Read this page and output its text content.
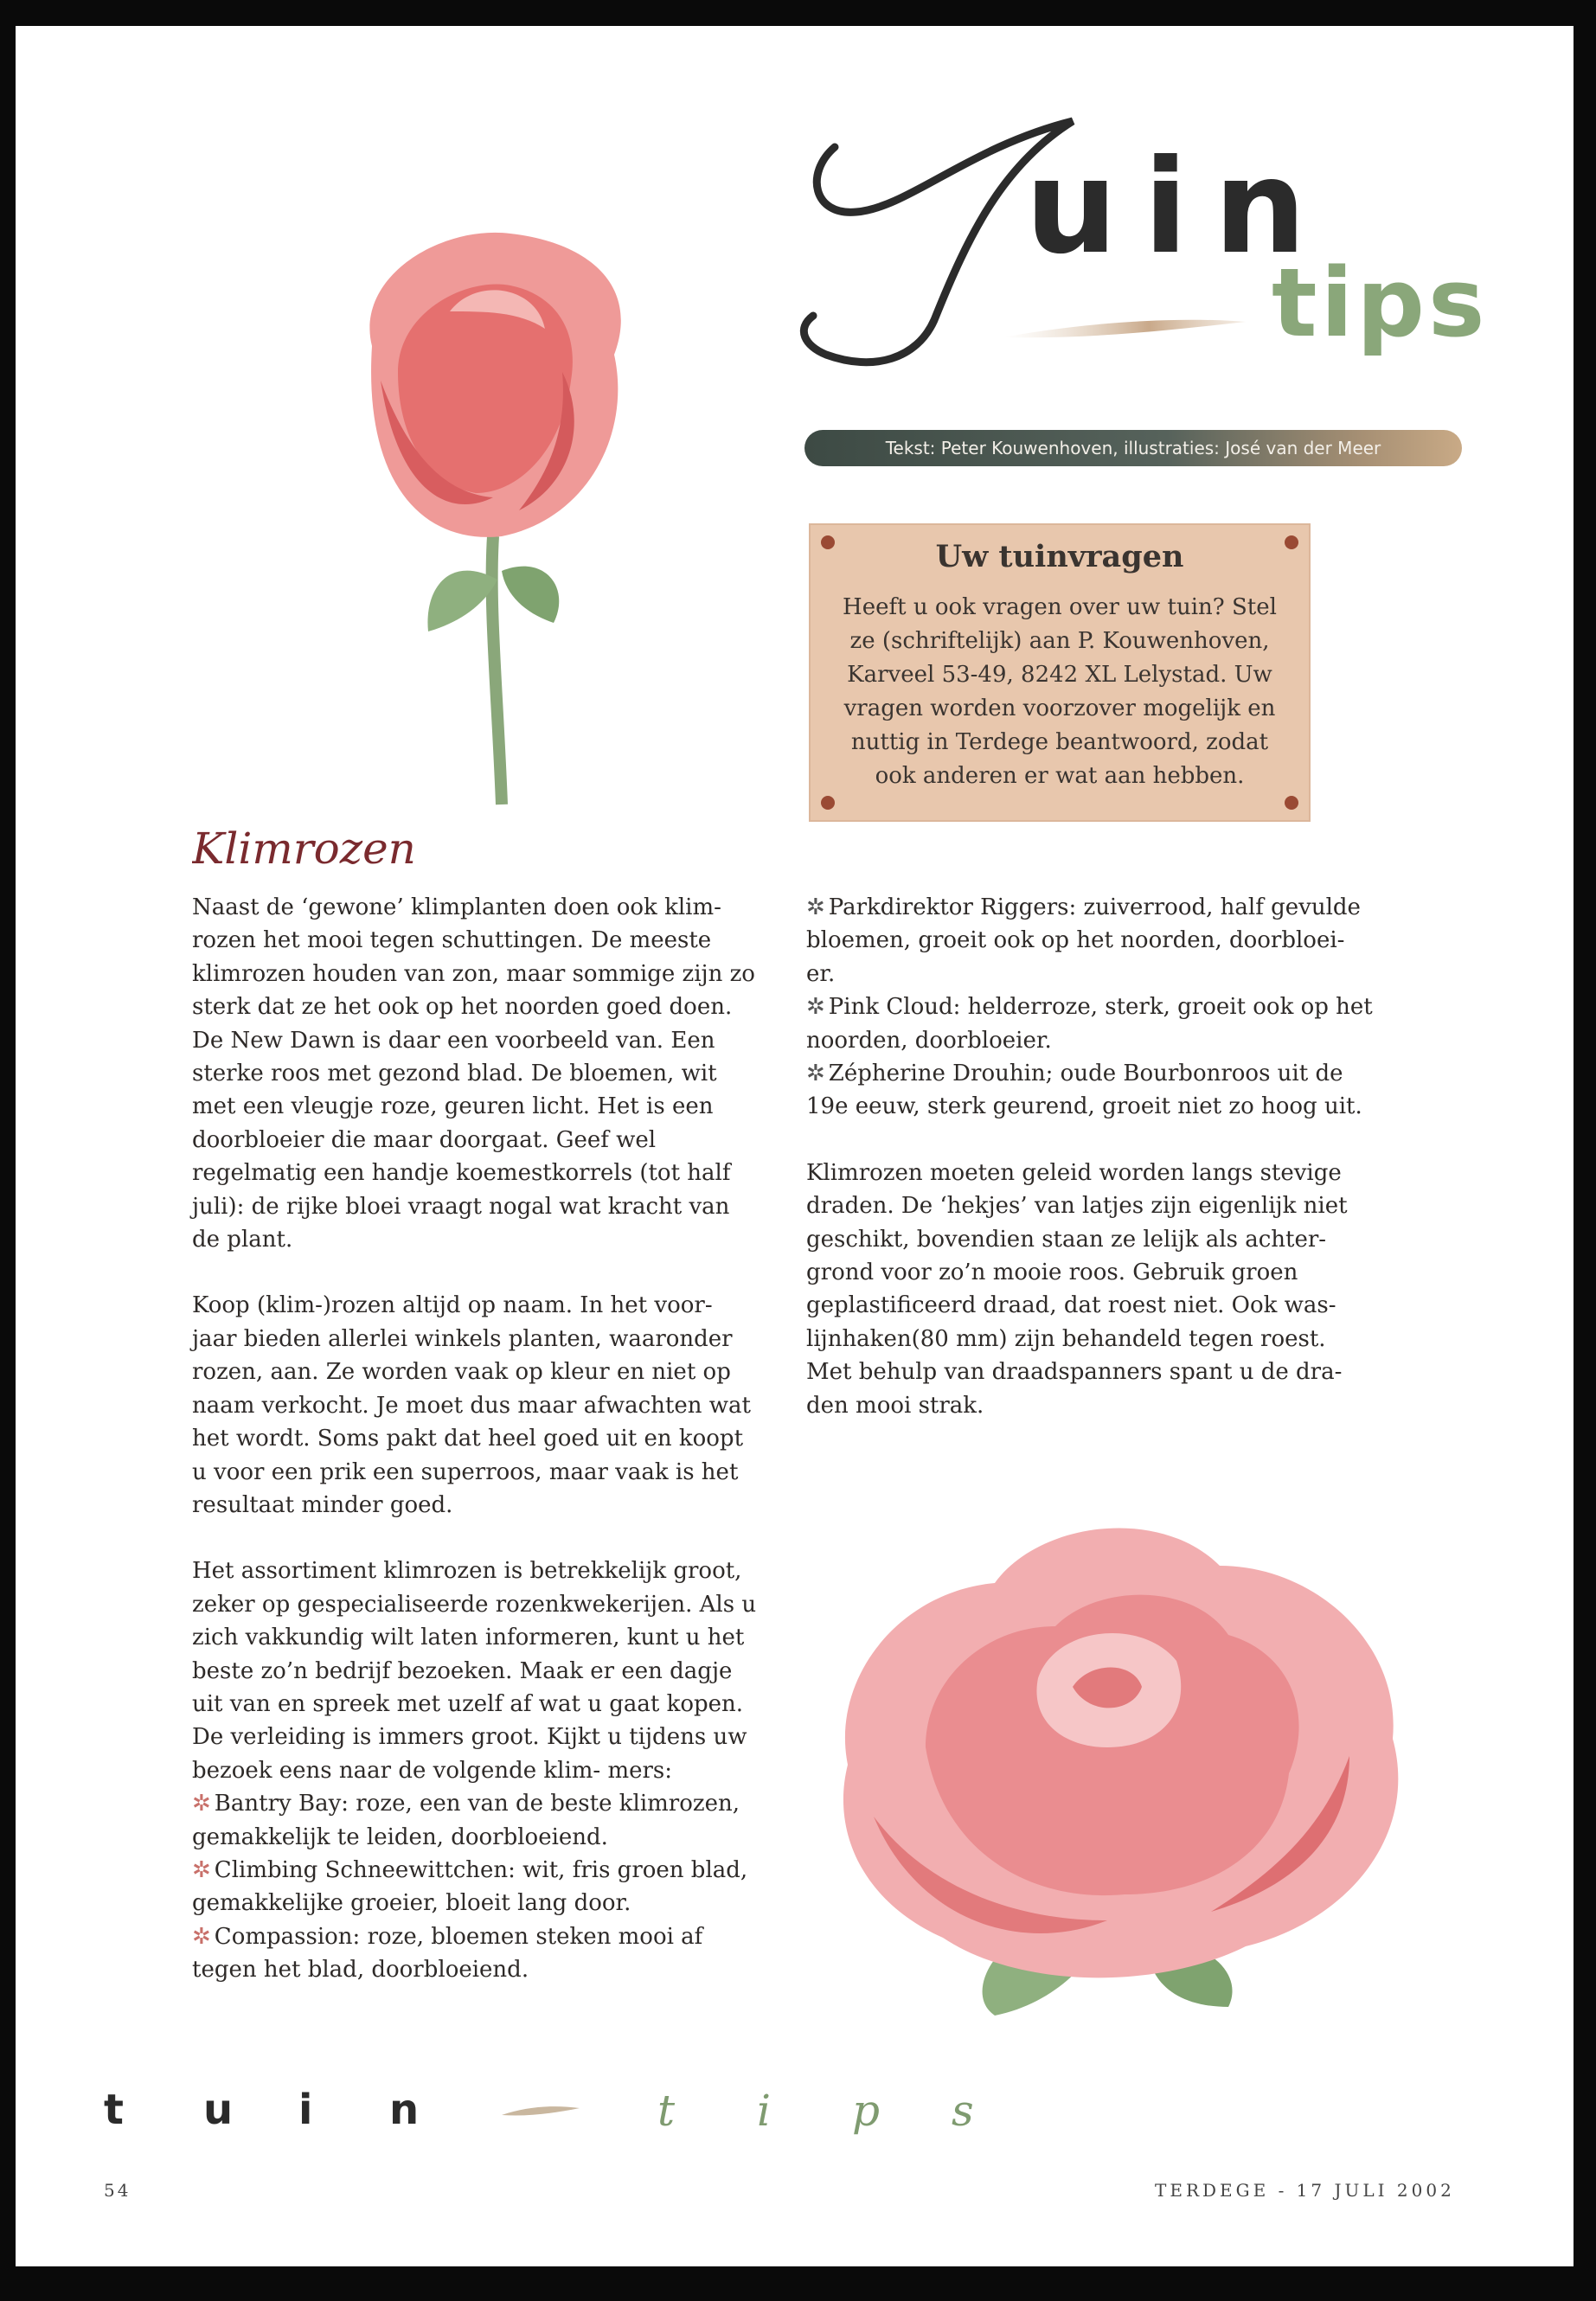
T
uin
tips
Tekst: Peter Kouwenhoven, illustraties: José van der Meer
Uw tuinvragen

Heeft u ook vragen over uw tuin? Stel ze (schriftelijk) aan P. Kouwenhoven, Karveel 53-49, 8242 XL Lelystad. Uw vragen worden voorzover mogelijk en nuttig in Terdege beantwoord, zodat ook anderen er wat aan hebben.

Klimrozen

Naast de ‘gewone’ klimplanten doen ook klim- rozen het mooi tegen schuttingen. De meeste klimrozen houden van zon, maar sommige zijn zo sterk dat ze het ook op het noorden goed doen. De New Dawn is daar een voorbeeld van. Een sterke roos met gezond blad. De bloemen, wit met een vleugje roze, geuren licht. Het is een doorbloeier die maar doorgaat. Geef wel regelmatig een handje koemestkorrels (tot half juli): de rijke bloei vraagt nogal wat kracht van de plant.

Koop (klim-)rozen altijd op naam. In het voor- jaar bieden allerlei winkels planten, waaronder rozen, aan. Ze worden vaak op kleur en niet op naam verkocht. Je moet dus maar afwachten wat het wordt. Soms pakt dat heel goed uit en koopt u voor een prik een superroos, maar vaak is het resultaat minder goed.

Het assortiment klimrozen is betrekkelijk groot, zeker op gespecialiseerde rozenkwekerijen. Als u zich vakkundig wilt laten informeren, kunt u het beste zo’n bedrijf bezoeken. Maak er een dagje uit van en spreek met uzelf af wat u gaat kopen. De verleiding is immers groot. Kijkt u tijdens uw bezoek eens naar de volgende klim- mers:

✲ Bantry Bay: roze, een van de beste klimrozen, gemakkelijk te leiden, doorbloeiend.
✲ Climbing Schneewittchen: wit, fris groen blad, gemakkelijke groeier, bloeit lang door.
✲ Compassion: roze, bloemen steken mooi af tegen het blad, doorbloeiend.
✲ Parkdirektor Riggers: zuiverrood, half gevulde bloemen, groeit ook op het noorden, doorbloei- er.
✲ Pink Cloud: helderroze, sterk, groeit ook op het noorden, doorbloeier.
✲ Zépherine Drouhin; oude Bourbonroos uit de 19e eeuw, sterk geurend, groeit niet zo hoog uit.

Klimrozen moeten geleid worden langs stevige draden. De ‘hekjes’ van latjes zijn eigenlijk niet geschikt, bovendien staan ze lelijk als achter- grond voor zo’n mooie roos. Gebruik groen geplastificeerd draad, dat roest niet. Ook was- lijnhaken(80 mm) zijn behandeld tegen roest. Met behulp van draadspanners spant u de dra- den mooi strak.

t u i n	t i p s
54	TERDEGE - 17 JULI 2002
